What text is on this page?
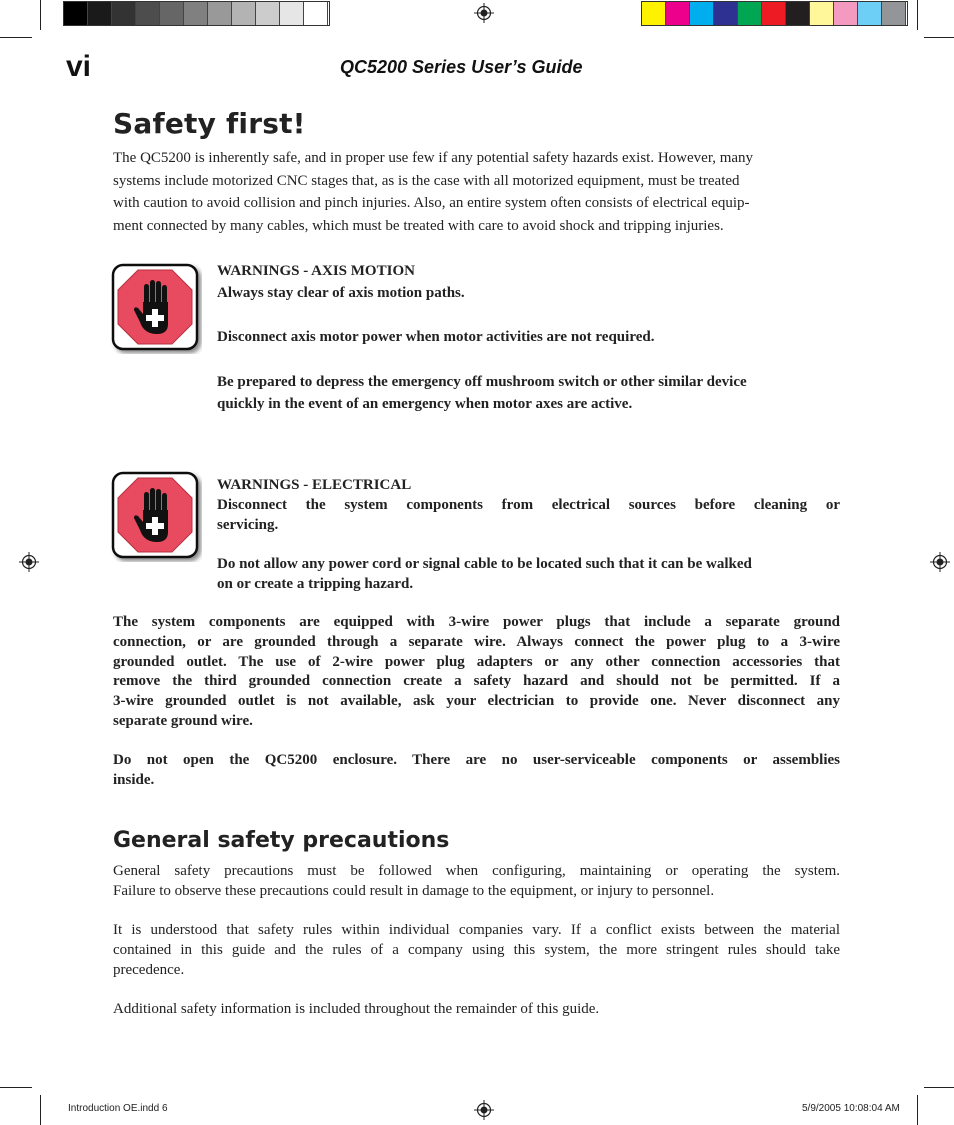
vi	QC5200 Series User’s Guide
Safety first!
The QC5200 is inherently safe, and in proper use few if any potential safety hazards exist. However, many
systems include motorized CNC stages that, as is the case with all motorized equipment, must be treated
with caution to avoid collision and pinch injuries. Also, an entire system often consists of electrical equip-
ment connected by many cables, which must be treated with care to avoid shock and tripping injuries.
WARNINGS - AXIS MOTION
Always stay clear of axis motion paths.
Disconnect axis motor power when motor activities are not required.
Be prepared to depress the emergency off mushroom switch or other similar device
quickly in the event of an emergency when motor axes are active.
WARNINGS - ELECTRICAL
Disconnect the system components from electrical sources before cleaning or
servicing.
Do not allow any power cord or signal cable to be located such that it can be walked
on or create a tripping hazard.
The system components are equipped with 3-wire power plugs that include a separate ground
connection, or are grounded through a separate wire. Always connect the power plug to a 3-wire
grounded outlet. The use of 2-wire power plug adapters or any other connection accessories that
remove the third grounded connection create a safety hazard and should not be permitted. If a
3-wire grounded outlet is not available, ask your electrician to provide one. Never disconnect any
separate ground wire.
Do not open the QC5200 enclosure. There are no user-serviceable components or assemblies
inside.
General safety precautions
General safety precautions must be followed when configuring, maintaining or operating the system.
Failure to observe these precautions could result in damage to the equipment, or injury to personnel.
It is understood that safety rules within individual companies vary. If a conflict exists between the material
contained in this guide and the rules of a company using this system, the more stringent rules should take
precedence.
Additional safety information is included throughout the remainder of this guide.
Introduction OE.indd 6	5/9/2005 10:08:04 AM
